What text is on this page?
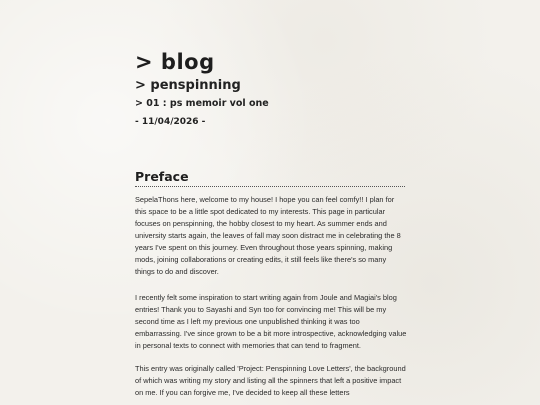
> blog
> penspinning
> 01 : ps memoir vol one
- 11/04/2026 -
Preface

SepelaThons here, welcome to my house! I hope you can feel comfy!! I plan for this space to be a little spot dedicated to my interests. This page in particular focuses on penspinning, the hobby closest to my heart. As summer ends and university starts again, the leaves of fall may soon distract me in celebrating the 8 years I've spent on this journey. Even throughout those years spinning, making mods, joining collaborations or creating edits, it still feels like there's so many things to do and discover.

I recently felt some inspiration to start writing again from Joule and Magiai's blog entries! Thank you to Sayashi and Syn too for convincing me! This will be my second time as I left my previous one unpublished thinking it was too embarrassing. I've since grown to be a bit more introspective, acknowledging value in personal texts to connect with memories that can tend to fragment.

This entry was originally called 'Project: Penspinning Love Letters', the background of which was writing my story and listing all the spinners that left a positive impact on me. If you can forgive me, I've decided to keep all these letters
